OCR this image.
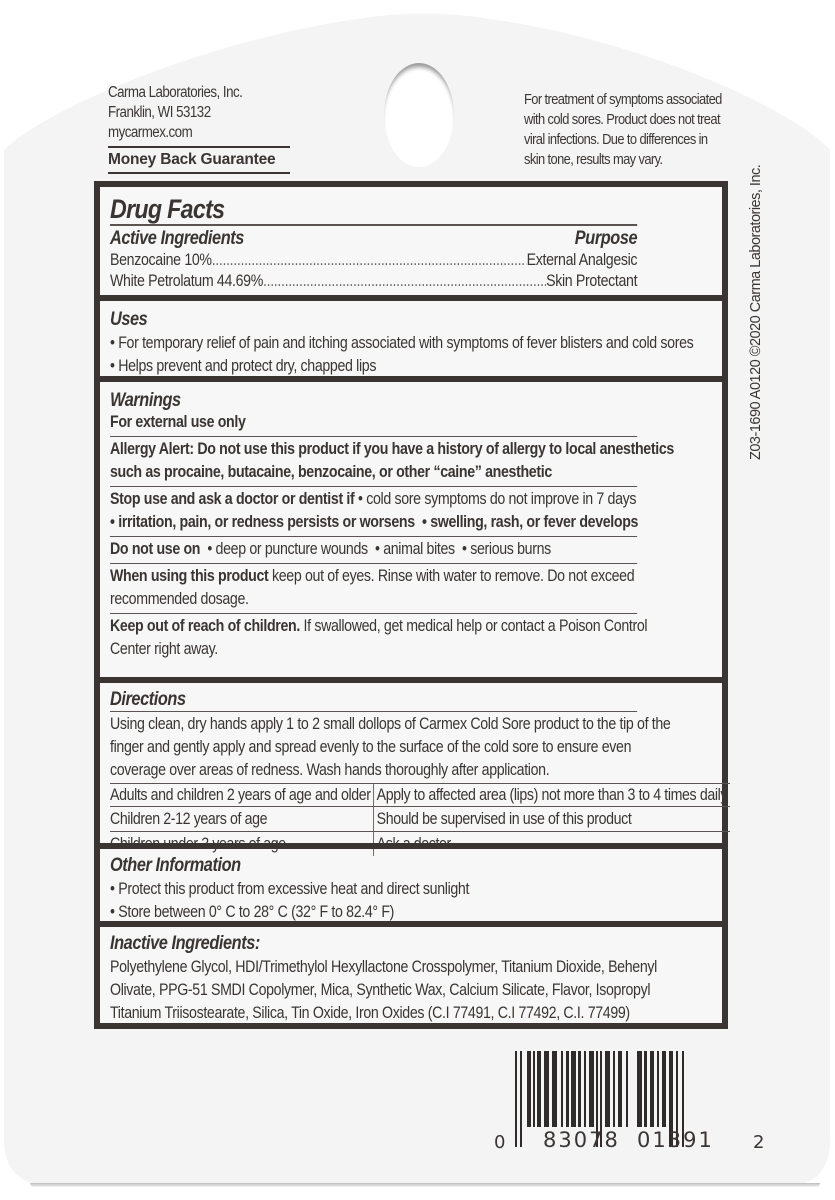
Carma Laboratories, Inc.
Franklin, WI 53132
mycarmex.com
Money Back Guarantee
For treatment of symptoms associated
with cold sores. Product does not treat
viral infections. Due to differences in
skin tone, results may vary.
Z03-1690 A0120 ©2020 Carma Laboratories, Inc.
Drug Facts
Active Ingredients	Purpose
Benzocaine 10% .....	External Analgesic
White Petrolatum 44.69% .....	Skin Protectant
Uses
• For temporary relief of pain and itching associated with symptoms of fever blisters and cold sores
• Helps prevent and protect dry, chapped lips
Warnings
For external use only
Allergy Alert: Do not use this product if you have a history of allergy to local anesthetics
such as procaine, butacaine, benzocaine, or other “caine” anesthetic
Stop use and ask a doctor or dentist if • cold sore symptoms do not improve in 7 days
• irritation, pain, or redness persists or worsens • swelling, rash, or fever develops
Do not use on  • deep or puncture wounds  • animal bites  • serious burns
When using this product keep out of eyes. Rinse with water to remove. Do not exceed
recommended dosage.
Keep out of reach of children. If swallowed, get medical help or contact a Poison Control
Center right away.
Directions
Using clean, dry hands apply 1 to 2 small dollops of Carmex Cold Sore product to the tip of the
finger and gently apply and spread evenly to the surface of the cold sore to ensure even
coverage over areas of redness. Wash hands thoroughly after application.
Adults and children 2 years of age and older	Apply to affected area (lips) not more than 3 to 4 times daily
Children 2-12 years of age	Should be supervised in use of this product
Children under 2 years of age	Ask a doctor
Other Information
• Protect this product from excessive heat and direct sunlight
• Store between 0° C to 28° C (32° F to 82.4° F)
Inactive Ingredients:
Polyethylene Glycol, HDI/Trimethylol Hexyllactone Crosspolymer, Titanium Dioxide, Behenyl
Olivate, PPG-51 SMDI Copolymer, Mica, Synthetic Wax, Calcium Silicate, Flavor, Isopropyl
Titanium Triisostearate, Silica, Tin Oxide, Iron Oxides (C.I 77491, C.I 77492, C.I. 77499)
0 83078 01391 2
